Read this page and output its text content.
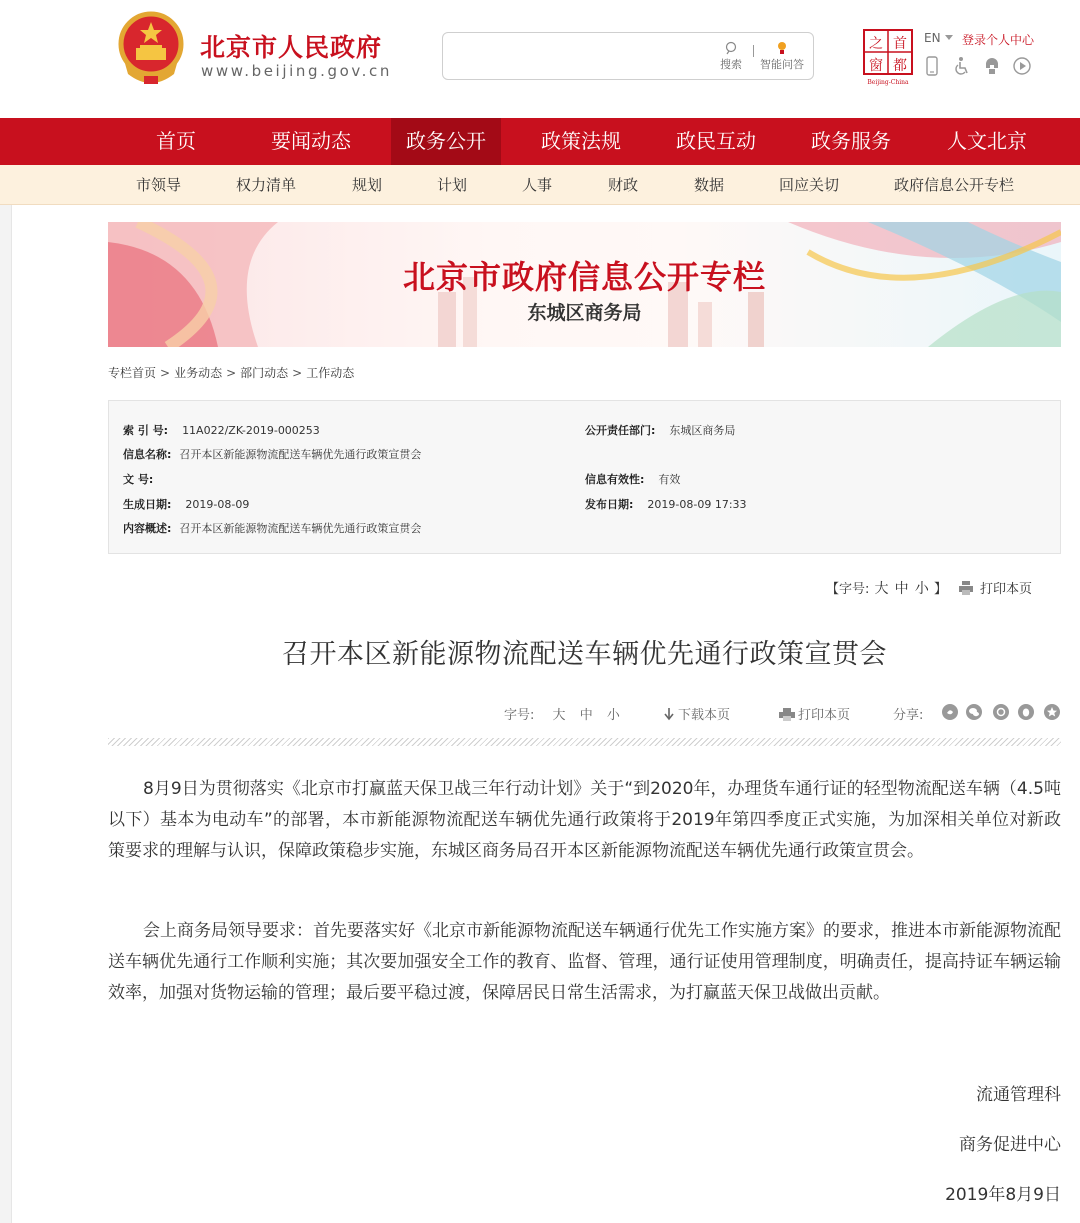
北京市人民政府
www.beijing.gov.cn	搜索	智能问答
之 首
窗 都
Beijing-China
EN 登录个人中心
首页	要闻动态	政务公开	政策法规	政民互动	政务服务	人文北京
市领导	权力清单	规划	计划	人事	财政	数据	回应关切	政府信息公开专栏
北京市政府信息公开专栏
东城区商务局
专栏首页 > 业务动态 > 部门动态 > 工作动态
索 引 号: 11A022/ZK-2019-000253
信息名称: 召开本区新能源物流配送车辆优先通行政策宣贯会
文 号:
生成日期: 2019-08-09
内容概述: 召开本区新能源物流配送车辆优先通行政策宣贯会
公开责任部门: 东城区商务局
信息有效性: 有效
发布日期: 2019-08-09 17:33
【字号: 大 中 小 】	打印本页
召开本区新能源物流配送车辆优先通行政策宣贯会
字号: 大 中 小	下载本页	打印本页	分享:

8月9日为贯彻落实《北京市打赢蓝天保卫战三年行动计划》关于“到2020年，办理货车通行证的轻型物流配送车辆（4.5吨以下）基本为电动车”的部署，本市新能源物流配送车辆优先通行政策将于2019年第四季度正式实施，为加深相关单位对新政策要求的理解与认识，保障政策稳步实施，东城区商务局召开本区新能源物流配送车辆优先通行政策宣贯会。

会上商务局领导要求：首先要落实好《北京市新能源物流配送车辆通行优先工作实施方案》的要求，推进本市新能源物流配送车辆优先通行工作顺利实施；其次要加强安全工作的教育、监督、管理，通行证使用管理制度，明确责任，提高持证车辆运输效率，加强对货物运输的管理；最后要平稳过渡，保障居民日常生活需求，为打赢蓝天保卫战做出贡献。

流通管理科
商务促进中心
2019年8月9日
